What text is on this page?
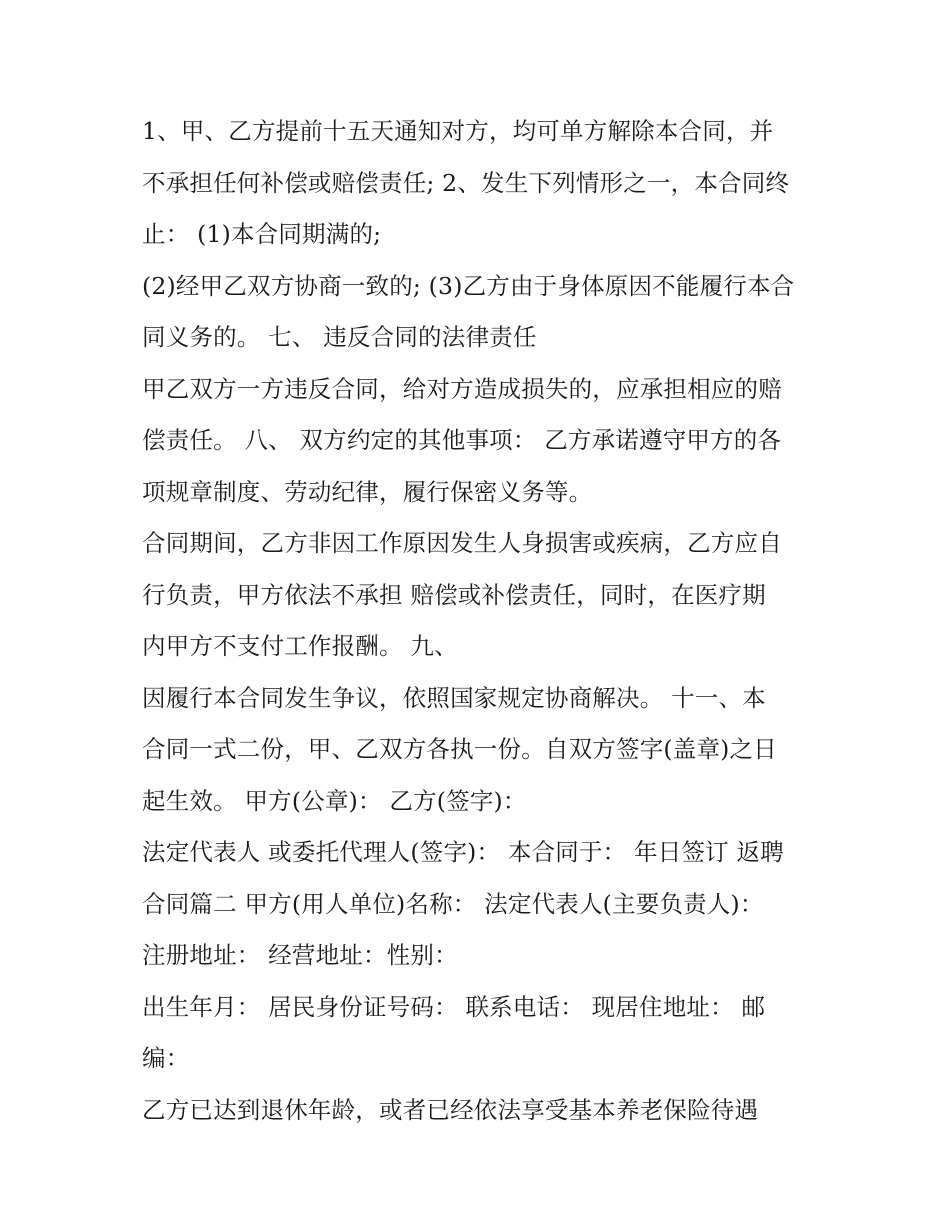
1、甲、乙方提前十五天通知对方，均可单方解除本合同，并
不承担任何补偿或赔偿责任; 2、发生下列情形之一，本合同终
止： (1)本合同期满的;
(2)经甲乙双方协商一致的; (3)乙方由于身体原因不能履行本合
同义务的。 七、 违反合同的法律责任
甲乙双方一方违反合同，给对方造成损失的，应承担相应的赔
偿责任。 八、 双方约定的其他事项： 乙方承诺遵守甲方的各
项规章制度、劳动纪律，履行保密义务等。
合同期间，乙方非因工作原因发生人身损害或疾病，乙方应自
行负责，甲方依法不承担 赔偿或补偿责任，同时，在医疗期
内甲方不支付工作报酬。 九、
因履行本合同发生争议，依照国家规定协商解决。 十一、本
合同一式二份，甲、乙双方各执一份。自双方签字(盖章)之日
起生效。 甲方(公章)： 乙方(签字)：
法定代表人 或委托代理人(签字)： 本合同于： 年日签订 返聘
合同篇二 甲方(用人单位)名称： 法定代表人(主要负责人)：
注册地址： 经营地址：性别：
出生年月： 居民身份证号码： 联系电话： 现居住地址： 邮
编：
乙方已达到退休年龄，或者已经依法享受基本养老保险待遇
